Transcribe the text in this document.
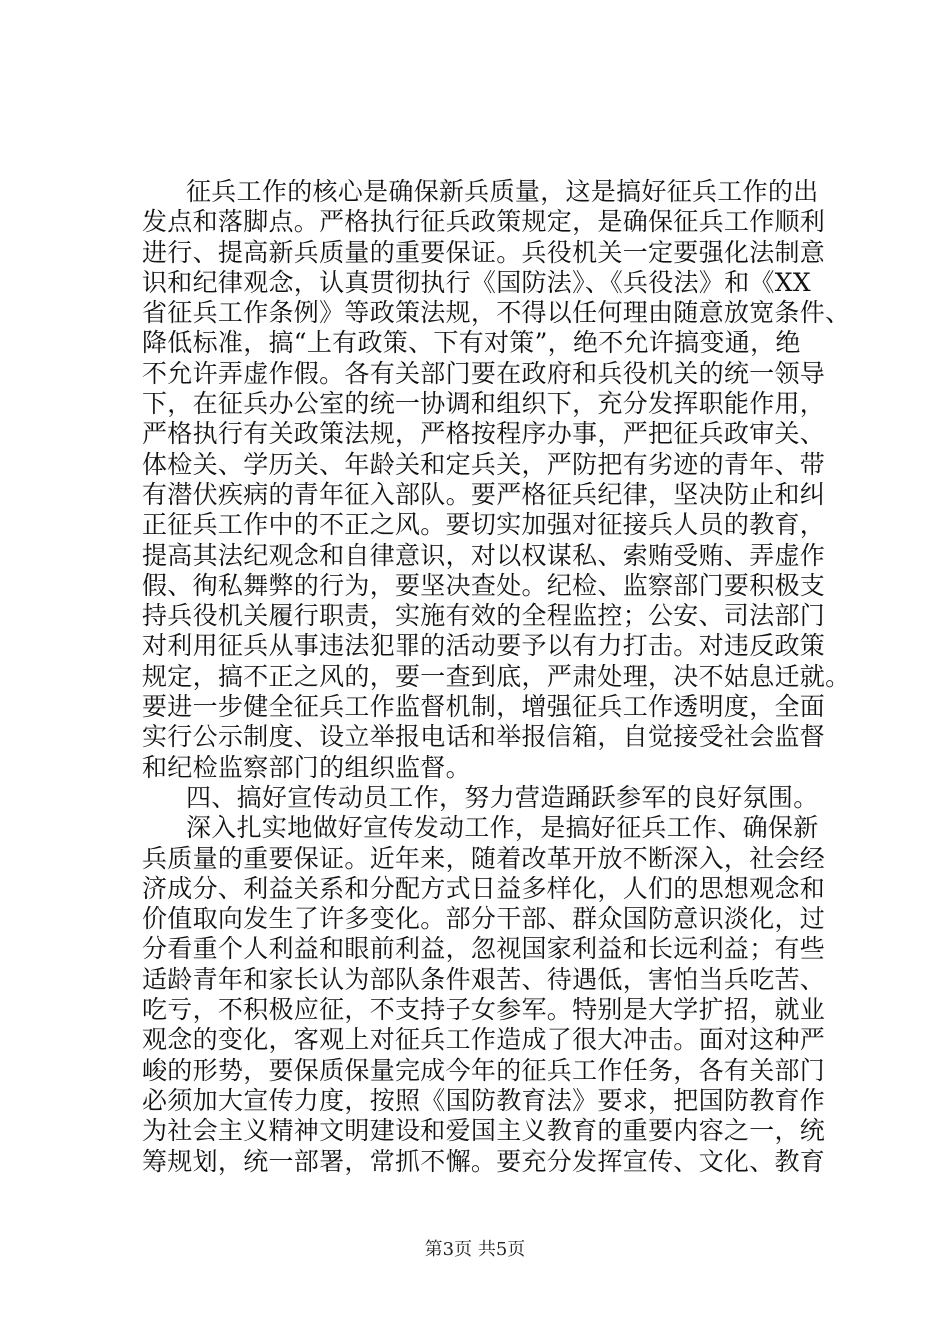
征兵工作的核心是确保新兵质量，这是搞好征兵工作的出
发点和落脚点。严格执行征兵政策规定，是确保征兵工作顺利
进行、提高新兵质量的重要保证。兵役机关一定要强化法制意
识和纪律观念，认真贯彻执行《国防法》、《兵役法》和《XX
省征兵工作条例》等政策法规，不得以任何理由随意放宽条件、
降低标准，搞“上有政策、下有对策”，绝不允许搞变通，绝
不允许弄虚作假。各有关部门要在政府和兵役机关的统一领导
下，在征兵办公室的统一协调和组织下，充分发挥职能作用，
严格执行有关政策法规，严格按程序办事，严把征兵政审关、
体检关、学历关、年龄关和定兵关，严防把有劣迹的青年、带
有潜伏疾病的青年征入部队。要严格征兵纪律，坚决防止和纠
正征兵工作中的不正之风。要切实加强对征接兵人员的教育，
提高其法纪观念和自律意识，对以权谋私、索贿受贿、弄虚作
假、徇私舞弊的行为，要坚决查处。纪检、监察部门要积极支
持兵役机关履行职责，实施有效的全程监控；公安、司法部门
对利用征兵从事违法犯罪的活动要予以有力打击。对违反政策
规定，搞不正之风的，要一查到底，严肃处理，决不姑息迁就。
要进一步健全征兵工作监督机制，增强征兵工作透明度，全面
实行公示制度、设立举报电话和举报信箱，自觉接受社会监督
和纪检监察部门的组织监督。
四、搞好宣传动员工作，努力营造踊跃参军的良好氛围。
深入扎实地做好宣传发动工作，是搞好征兵工作、确保新
兵质量的重要保证。近年来，随着改革开放不断深入，社会经
济成分、利益关系和分配方式日益多样化，人们的思想观念和
价值取向发生了许多变化。部分干部、群众国防意识淡化，过
分看重个人利益和眼前利益，忽视国家利益和长远利益；有些
适龄青年和家长认为部队条件艰苦、待遇低，害怕当兵吃苦、
吃亏，不积极应征，不支持子女参军。特别是大学扩招，就业
观念的变化，客观上对征兵工作造成了很大冲击。面对这种严
峻的形势，要保质保量完成今年的征兵工作任务，各有关部门
必须加大宣传力度，按照《国防教育法》要求，把国防教育作
为社会主义精神文明建设和爱国主义教育的重要内容之一，统
筹规划，统一部署，常抓不懈。要充分发挥宣传、文化、教育
第3页 共5页
